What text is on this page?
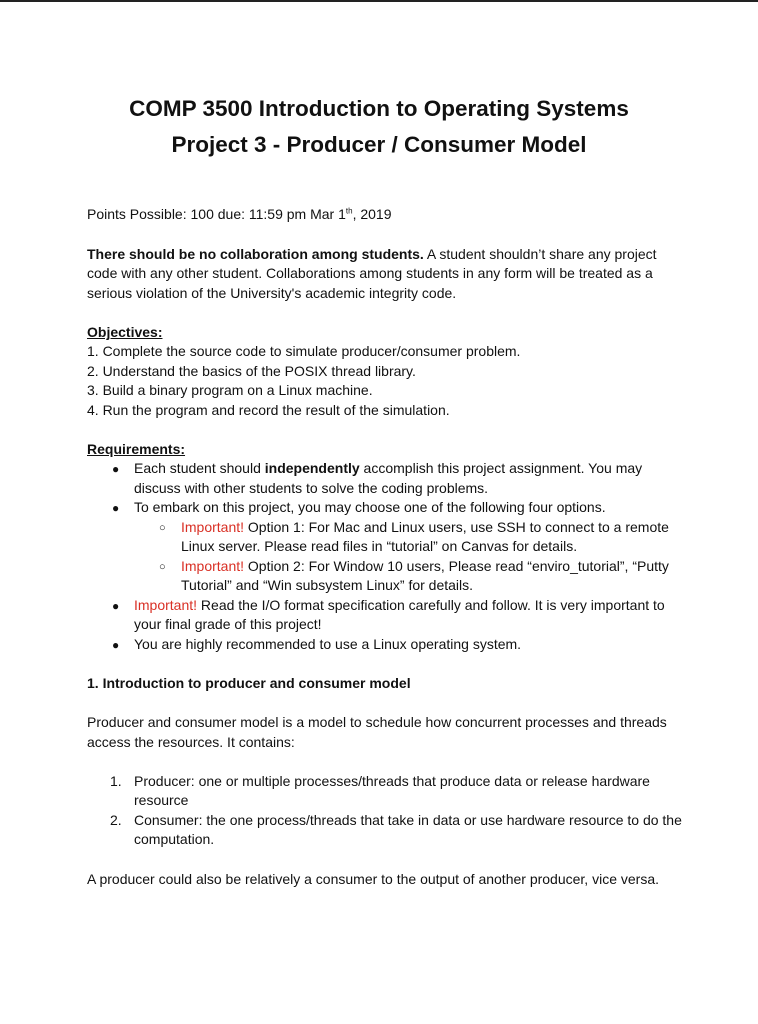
COMP 3500 Introduction to Operating Systems
Project 3 - Producer / Consumer Model
Points Possible: 100 due: 11:59 pm Mar 1th, 2019
There should be no collaboration among students. A student shouldn’t share any project
code with any other student. Collaborations among students in any form will be treated as a
serious violation of the University's academic integrity code.
Objectives:
1. Complete the source code to simulate producer/consumer problem.
2. Understand the basics of the POSIX thread library.
3. Build a binary program on a Linux machine.
4. Run the program and record the result of the simulation.
Requirements:
● Each student should independently accomplish this project assignment. You may
discuss with other students to solve the coding problems.
● To embark on this project, you may choose one of the following four options.
○ Important! Option 1: For Mac and Linux users, use SSH to connect to a remote
Linux server. Please read files in “tutorial” on Canvas for details.
○ Important! Option 2: For Window 10 users, Please read “enviro_tutorial”, “Putty
Tutorial” and “Win subsystem Linux” for details.
● Important! Read the I/O format specification carefully and follow. It is very important to
your final grade of this project!
● You are highly recommended to use a Linux operating system.
1. Introduction to producer and consumer model
Producer and consumer model is a model to schedule how concurrent processes and threads
access the resources. It contains:
1. Producer: one or multiple processes/threads that produce data or release hardware
resource
2. Consumer: the one process/threads that take in data or use hardware resource to do the
computation.
A producer could also be relatively a consumer to the output of another producer, vice versa.
